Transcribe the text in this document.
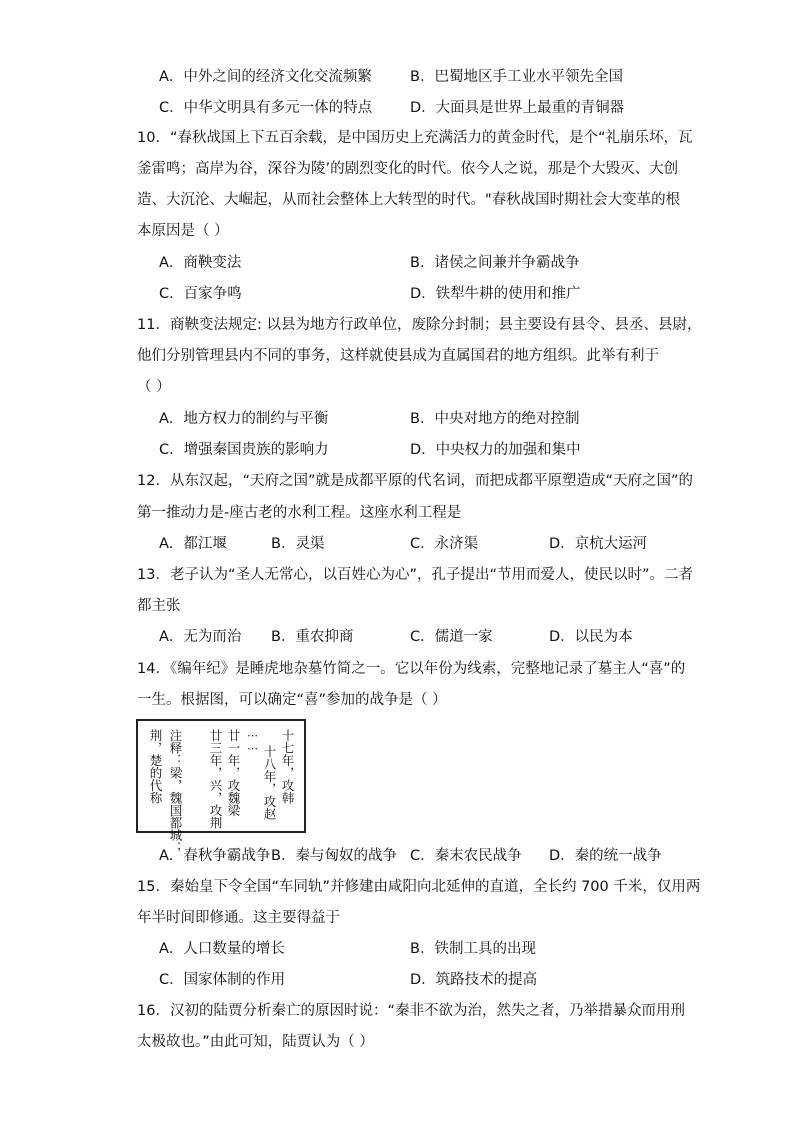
A．中外之间的经济文化交流频繁	B．巴蜀地区手工业水平领先全国
C．中华文明具有多元一体的特点	D．大面具是世界上最重的青铜器
10．“春秋战国上下五百余载，是中国历史上充满活力的黄金时代，是个“礼崩乐坏，瓦
釜雷鸣；高岸为谷，深谷为陵’的剧烈变化的时代。依今人之说，那是个大毁灭、大创
造、大沉沦、大崛起，从而社会整体上大转型的时代。"春秋战国时期社会大变革的根
本原因是（ ）
A．商鞅变法	B．诸侯之间兼并争霸战争
C．百家争鸣	D．铁犁牛耕的使用和推广
11．商鞅变法规定: 以县为地方行政单位，废除分封制；县主要设有县令、县丞、县尉，
他们分别管理县内不同的事务，这样就使县成为直属国君的地方组织。此举有利于
（ ）
A．地方权力的制约与平衡	B．中央对地方的绝对控制
C．增强秦国贵族的影响力	D．中央权力的加强和集中
12．从东汉起，“天府之国”就是成都平原的代名词，而把成都平原塑造成“天府之国”的
第一推动力是-座古老的水利工程。这座水利工程是
A．都江堰	B．灵渠	C．永济渠	D．京杭大运河
13．老子认为“圣人无常心，以百姓心为心”，孔子提出“节用而爱人，使民以时”。二者
都主张
A．无为而治 B．重农抑商	C．儒道一家	D．以民为本
14．《编年纪》是睡虎地杂墓竹简之一。它以年份为线索，完整地记录了墓主人“喜”的
一生。根据图，可以确定“喜”参加的战争是（ ）
十七年，攻韩
十八年，攻赵
⋯⋯
廿一年，攻魏梁
廿三年，兴，攻荆
注释：梁，魏国都城；
荆，楚的代称
A．春秋争霸战争 B．秦与匈奴的战争 C．秦末农民战争 D．秦的统一战争
15．秦始皇下令全国“车同轨”并修建由咸阳向北延伸的直道，全长约 700 千米，仅用两
年半时间即修通。这主要得益于
A．人口数量的增长	B．铁制工具的出现
C．国家体制的作用	D．筑路技术的提高
16．汉初的陆贾分析秦亡的原因时说：“秦非不欲为治，然失之者，乃举措暴众而用刑
太极故也。”由此可知，陆贾认为（ ）
